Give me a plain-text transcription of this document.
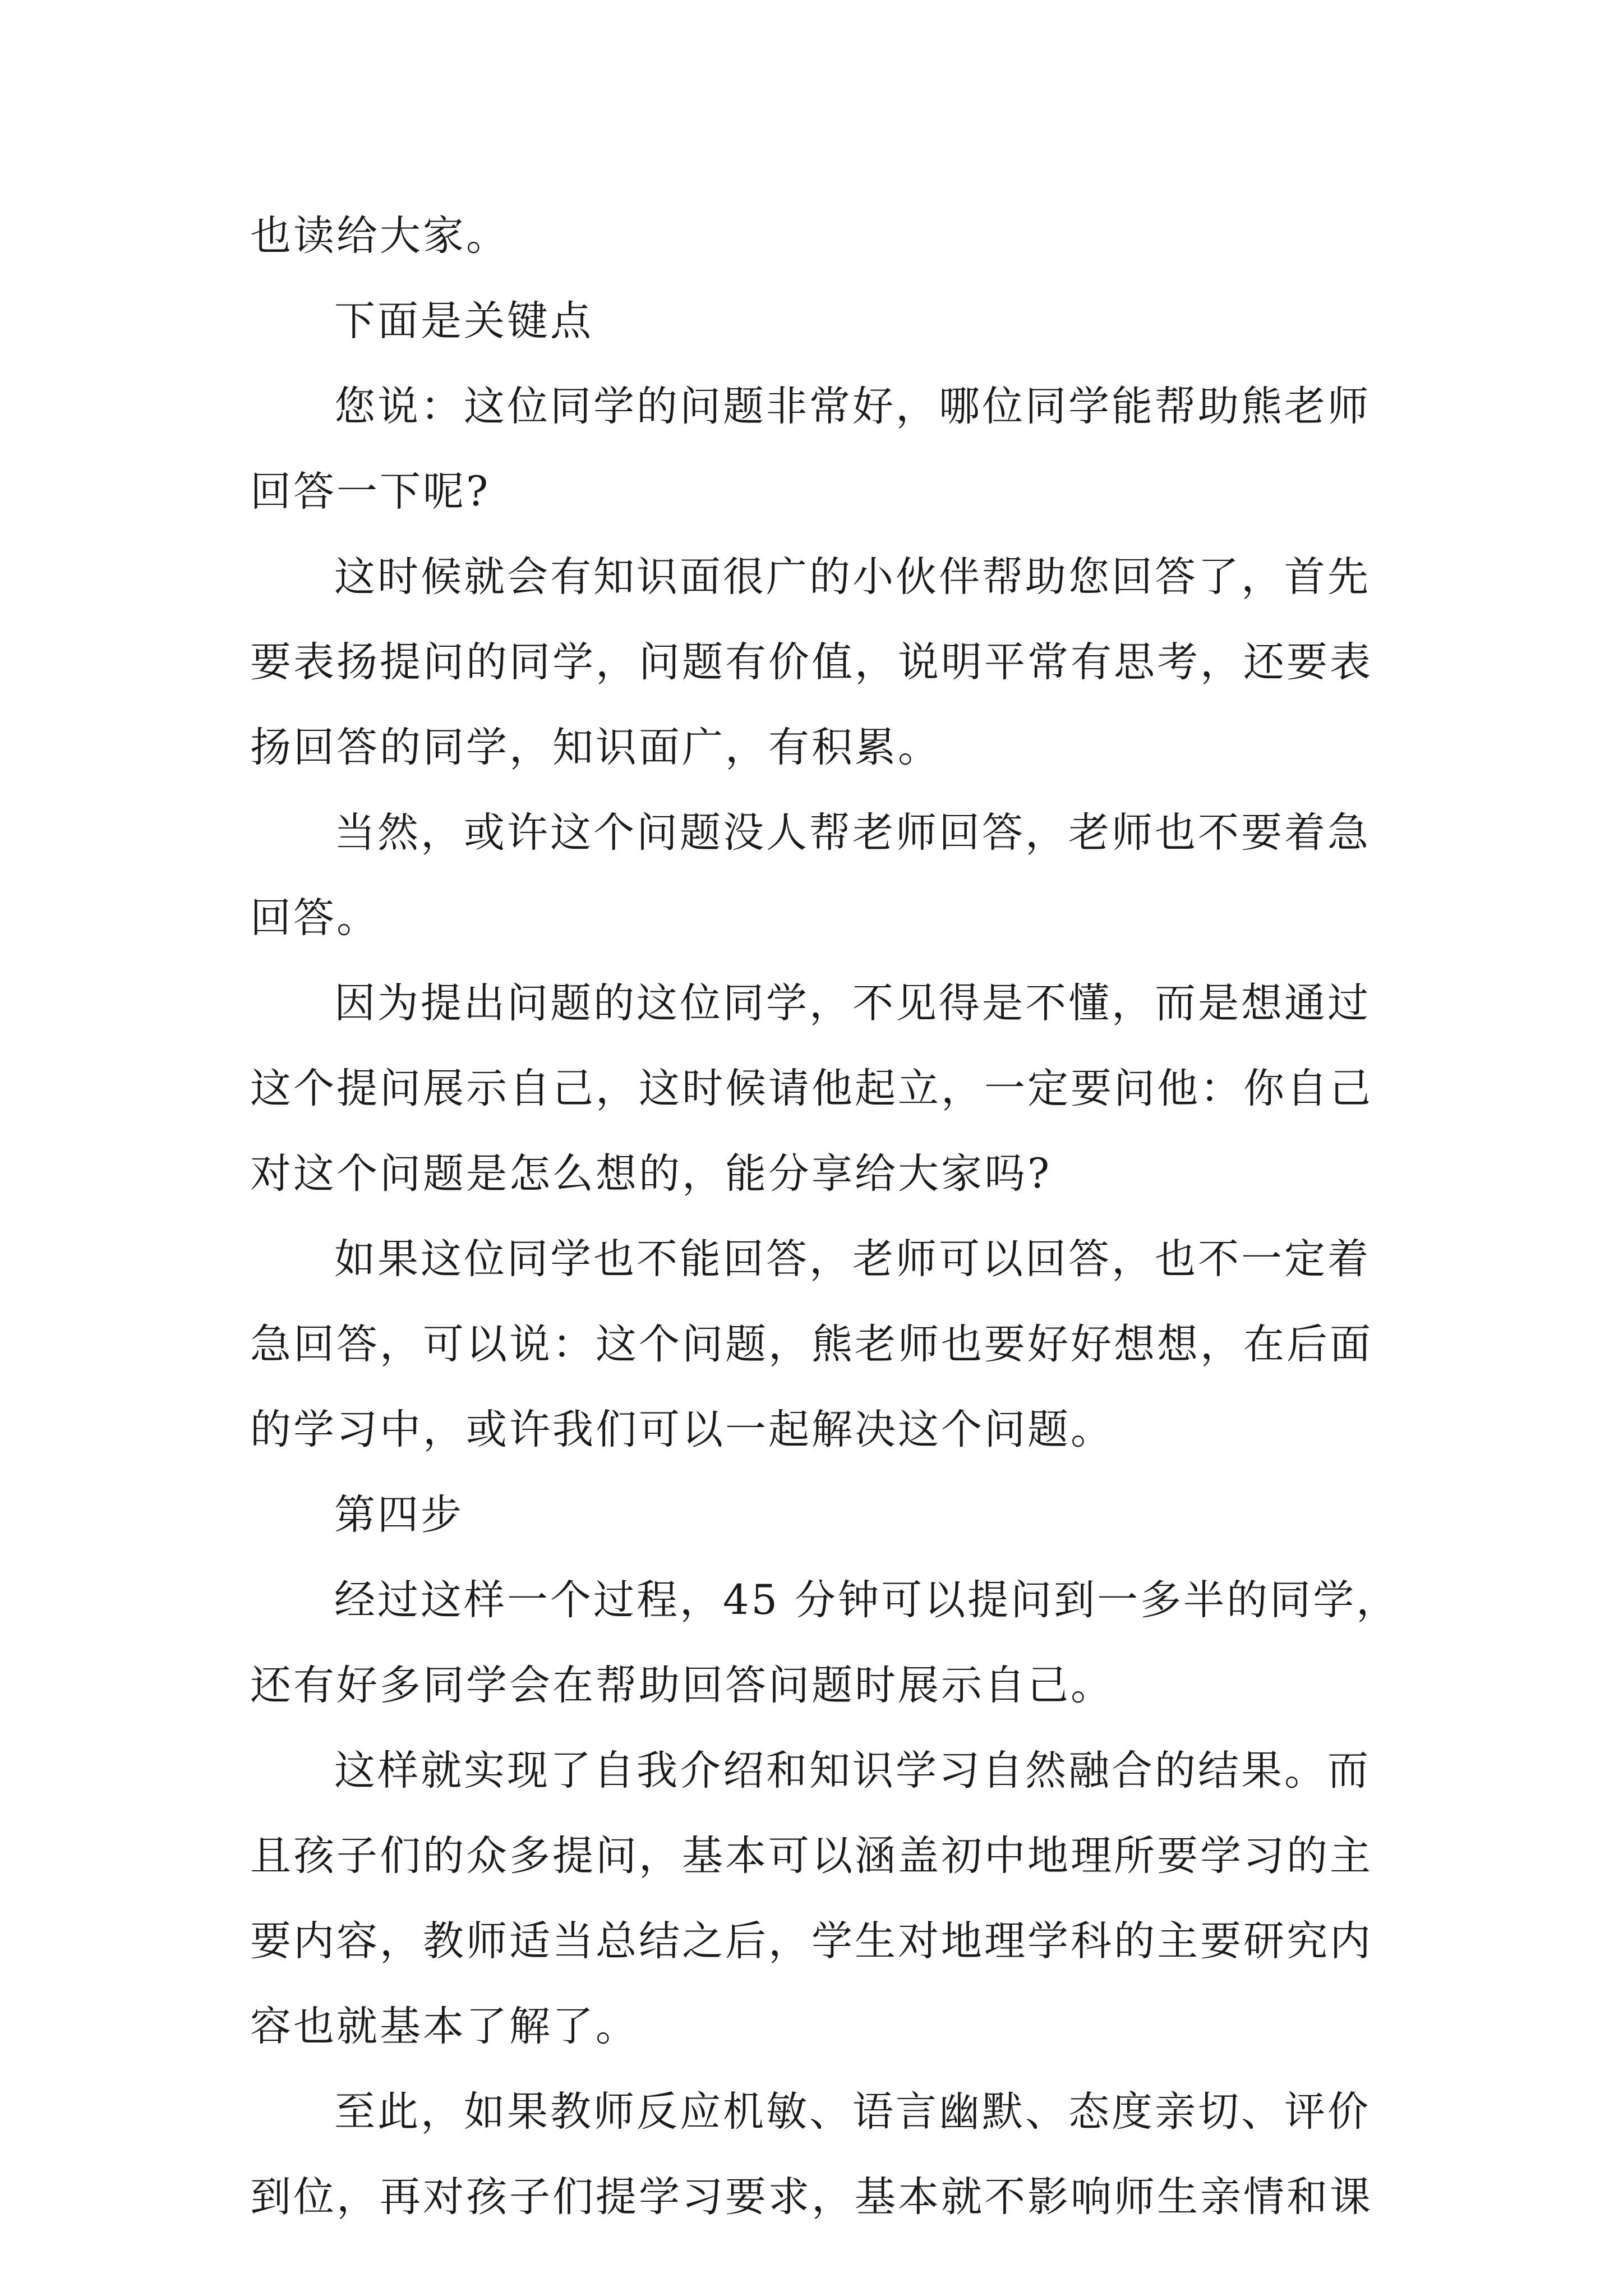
也读给大家。

下面是关键点

您说：这位同学的问题非常好，哪位同学能帮助熊老师
回答一下呢?

这时候就会有知识面很广的小伙伴帮助您回答了，首先
要表扬提问的同学，问题有价值，说明平常有思考，还要表
扬回答的同学，知识面广，有积累。

当然，或许这个问题没人帮老师回答，老师也不要着急
回答。

因为提出问题的这位同学，不见得是不懂，而是想通过
这个提问展示自己，这时候请他起立，一定要问他：你自己
对这个问题是怎么想的，能分享给大家吗?

如果这位同学也不能回答，老师可以回答，也不一定着
急回答，可以说：这个问题，熊老师也要好好想想，在后面
的学习中，或许我们可以一起解决这个问题。

第四步

经过这样一个过程，45 分钟可以提问到一多半的同学，
还有好多同学会在帮助回答问题时展示自己。

这样就实现了自我介绍和知识学习自然融合的结果。而
且孩子们的众多提问，基本可以涵盖初中地理所要学习的主
要内容，教师适当总结之后，学生对地理学科的主要研究内
容也就基本了解了。

至此，如果教师反应机敏、语言幽默、态度亲切、评价
到位，再对孩子们提学习要求，基本就不影响师生亲情和课
